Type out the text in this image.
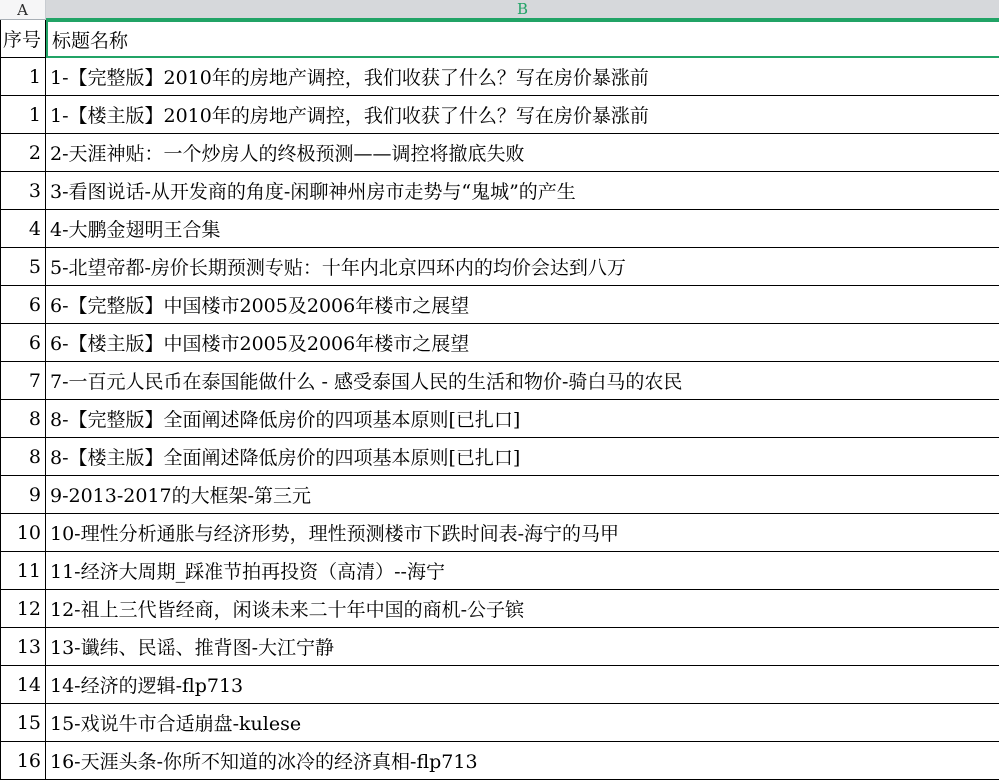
A	B
序号 标题名称
1 1-【完整版】2010年的房地产调控，我们收获了什么？写在房价暴涨前
1 1-【楼主版】2010年的房地产调控，我们收获了什么？写在房价暴涨前
2 2-天涯神贴：一个炒房人的终极预测——调控将撤底失败
3 3-看图说话-从开发商的角度-闲聊神州房市走势与“鬼城”的产生
4 4-大鹏金翅明王合集
5 5-北望帝都-房价长期预测专贴：十年内北京四环内的均价会达到八万
6 6-【完整版】中国楼市2005及2006年楼市之展望
6 6-【楼主版】中国楼市2005及2006年楼市之展望
7 7-一百元人民币在泰国能做什么 - 感受泰国人民的生活和物价-骑白马的农民
8 8-【完整版】全面阐述降低房价的四项基本原则[已扎口]
8 8-【楼主版】全面阐述降低房价的四项基本原则[已扎口]
9 9-2013-2017的大框架-第三元
10 10-理性分析通胀与经济形势，理性预测楼市下跌时间表-海宁的马甲
11 11-经济大周期_踩准节拍再投资（高清）--海宁
12 12-祖上三代皆经商，闲谈未来二十年中国的商机-公子镔
13 13-谶纬、民谣、推背图-大江宁静
14 14-经济的逻辑-flp713
15 15-戏说牛市合适崩盘-kulese
16 16-天涯头条-你所不知道的冰冷的经济真相-flp713
